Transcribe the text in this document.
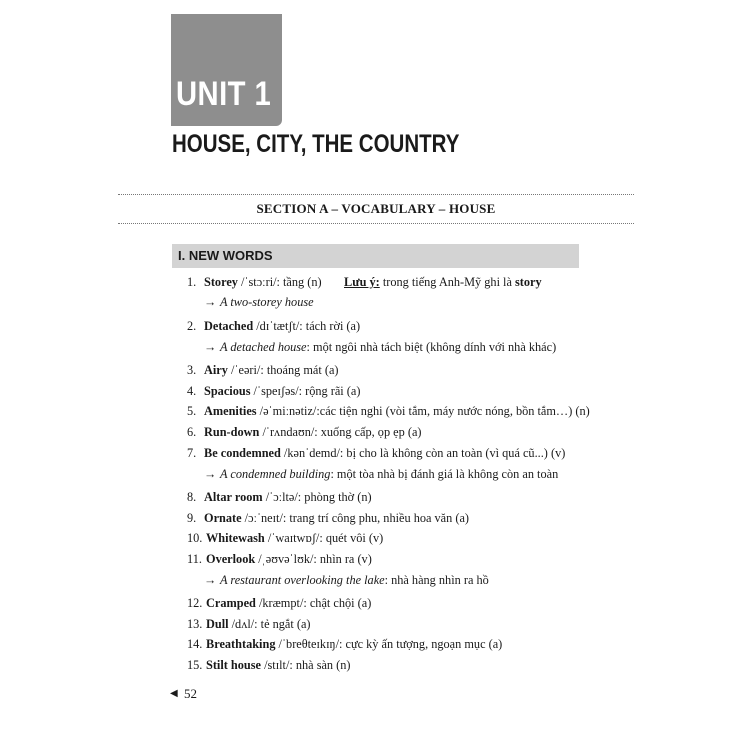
UNIT 1
HOUSE, CITY, THE COUNTRY
SECTION A – VOCABULARY – HOUSE
I. NEW WORDS
1. Storey /ˈstɔːri/: tầng (n) Lưu ý: trong tiếng Anh-Mỹ ghi là story
→ A two-storey house
2. Detached /dɪˈtætʃt/: tách rời (a)
→ A detached house: một ngôi nhà tách biệt (không dính với nhà khác)
3. Airy /ˈeəri/: thoáng mát (a)
4. Spacious /ˈspeɪʃəs/: rộng rãi (a)
5. Amenities /əˈmiːnətiz/:các tiện nghi (vòi tắm, máy nước nóng, bồn tắm…) (n)
6. Run-down /ˈrʌndaʊn/: xuống cấp, ọp ẹp (a)
7. Be condemned /kənˈdemd/: bị cho là không còn an toàn (vì quá cũ...) (v)
→ A condemned building: một tòa nhà bị đánh giá là không còn an toàn
8. Altar room /ˈɔːltə/: phòng thờ (n)
9. Ornate /ɔːˈneɪt/: trang trí công phu, nhiều hoa văn (a)
10. Whitewash /ˈwaɪtwɒʃ/: quét vôi (v)
11. Overlook /ˌəʊvəˈlʊk/: nhìn ra (v)
→ A restaurant overlooking the lake: nhà hàng nhìn ra hồ
12. Cramped /kræmpt/: chật chội (a)
13. Dull /dʌl/: tẻ ngắt (a)
14. Breathtaking /ˈbreθteɪkɪŋ/: cực kỳ ấn tượng, ngoạn mục (a)
15. Stilt house /stɪlt/: nhà sàn (n)
◀ 52
